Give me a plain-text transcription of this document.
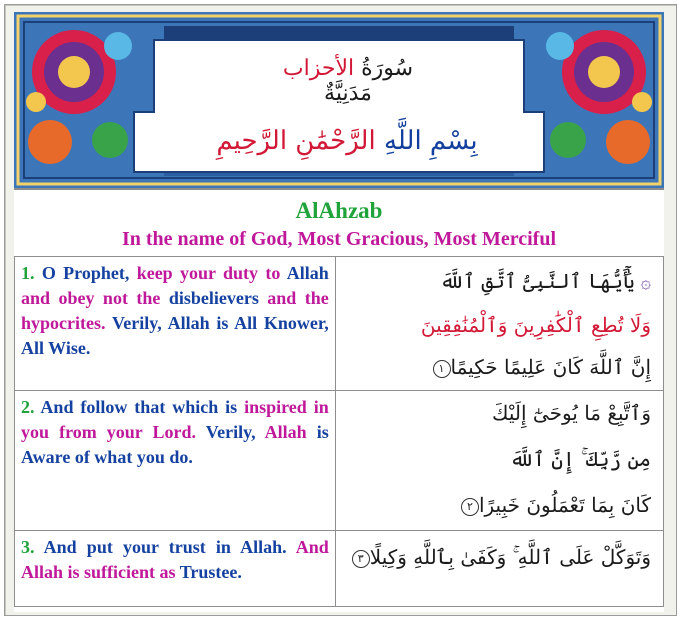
سُورَةُ الأحزاب مَدَنِيَّةٌ
بِسْمِ اللَّهِ الرَّحْمَٰنِ الرَّحِيمِ
AlAhzab
In the name of God, Most Gracious, Most Merciful
1. O Prophet, keep your duty to Allah and obey not the disbelievers and the hypocrites. Verily, Allah is All Knower, All Wise.	۞ يَٰٓأَيُّهَا ٱلنَّبِىُّ ٱتَّقِ ٱللَّهَ
وَلَا تُطِعِ ٱلْكَٰفِرِينَ وَٱلْمُنَٰفِقِينَ
إِنَّ ٱللَّهَ كَانَ عَلِيمًا حَكِيمًا١

2. And follow that which is inspired in you from your Lord. Verily, Allah is Aware of what you do.	وَٱتَّبِعْ مَا يُوحَىٰٓ إِلَيْكَ
مِن رَّبِّكَ ۚ إِنَّ ٱللَّهَ
كَانَ بِمَا تَعْمَلُونَ خَبِيرًا٢

3. And put your trust in Allah. And Allah is sufficient as Trustee.	وَتَوَكَّلْ عَلَى ٱللَّهِ ۚ وَكَفَىٰ بِٱللَّهِ وَكِيلًا٣
